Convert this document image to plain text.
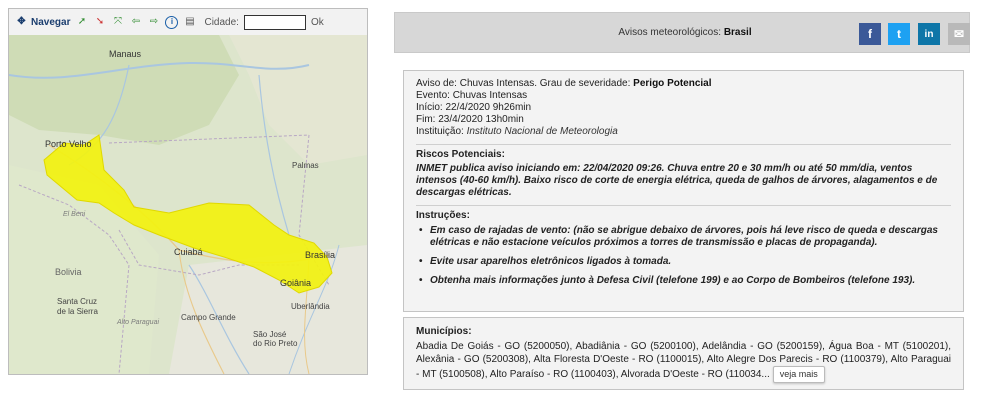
✥ Navegar ➚ ➘ ⤧ ⇦ ⇨	i	▤ Cidade:	Ok
Manaus
Porto Velho
Palmas
Cuiabá	Brasília
Goiânia
Bolivia
Santa Cruz
de la Sierra
Campo Grande
Uberlândia
São José
do Rio Preto
El Beni
Alto Paraguai
Avisos meteorológicos: Brasil	f t in ✉
Aviso de: Chuvas Intensas. Grau de severidade: Perigo Potencial
Evento: Chuvas Intensas
Início: 22/4/2020 9h26min
Fim: 23/4/2020 13h0min
Instituição: Instituto Nacional de Meteorologia
Riscos Potenciais:
INMET publica aviso iniciando em: 22/04/2020 09:26. Chuva entre 20 e 30 mm/h ou até 50 mm/dia, ventos intensos (40-60 km/h). Baixo risco de corte de energia elétrica, queda de galhos de árvores, alagamentos e de descargas elétricas.
Instruções:
• Em caso de rajadas de vento: (não se abrigue debaixo de árvores, pois há leve risco de queda e descargas elétricas e não estacione veículos próximos a torres de transmissão e placas de propaganda).
• Evite usar aparelhos eletrônicos ligados à tomada.
• Obtenha mais informações junto à Defesa Civil (telefone 199) e ao Corpo de Bombeiros (telefone 193).
Municípios:
Abadia De Goiás - GO (5200050), Abadiânia - GO (5200100), Adelândia - GO (5200159), Água Boa - MT (5100201), Alexânia - GO (5200308), Alta Floresta D'Oeste - RO (1100015), Alto Alegre Dos Parecis - RO (1100379), Alto Paraguai - MT (5100508), Alto Paraíso - RO (1100403), Alvorada D'Oeste - RO (110034... veja mais
